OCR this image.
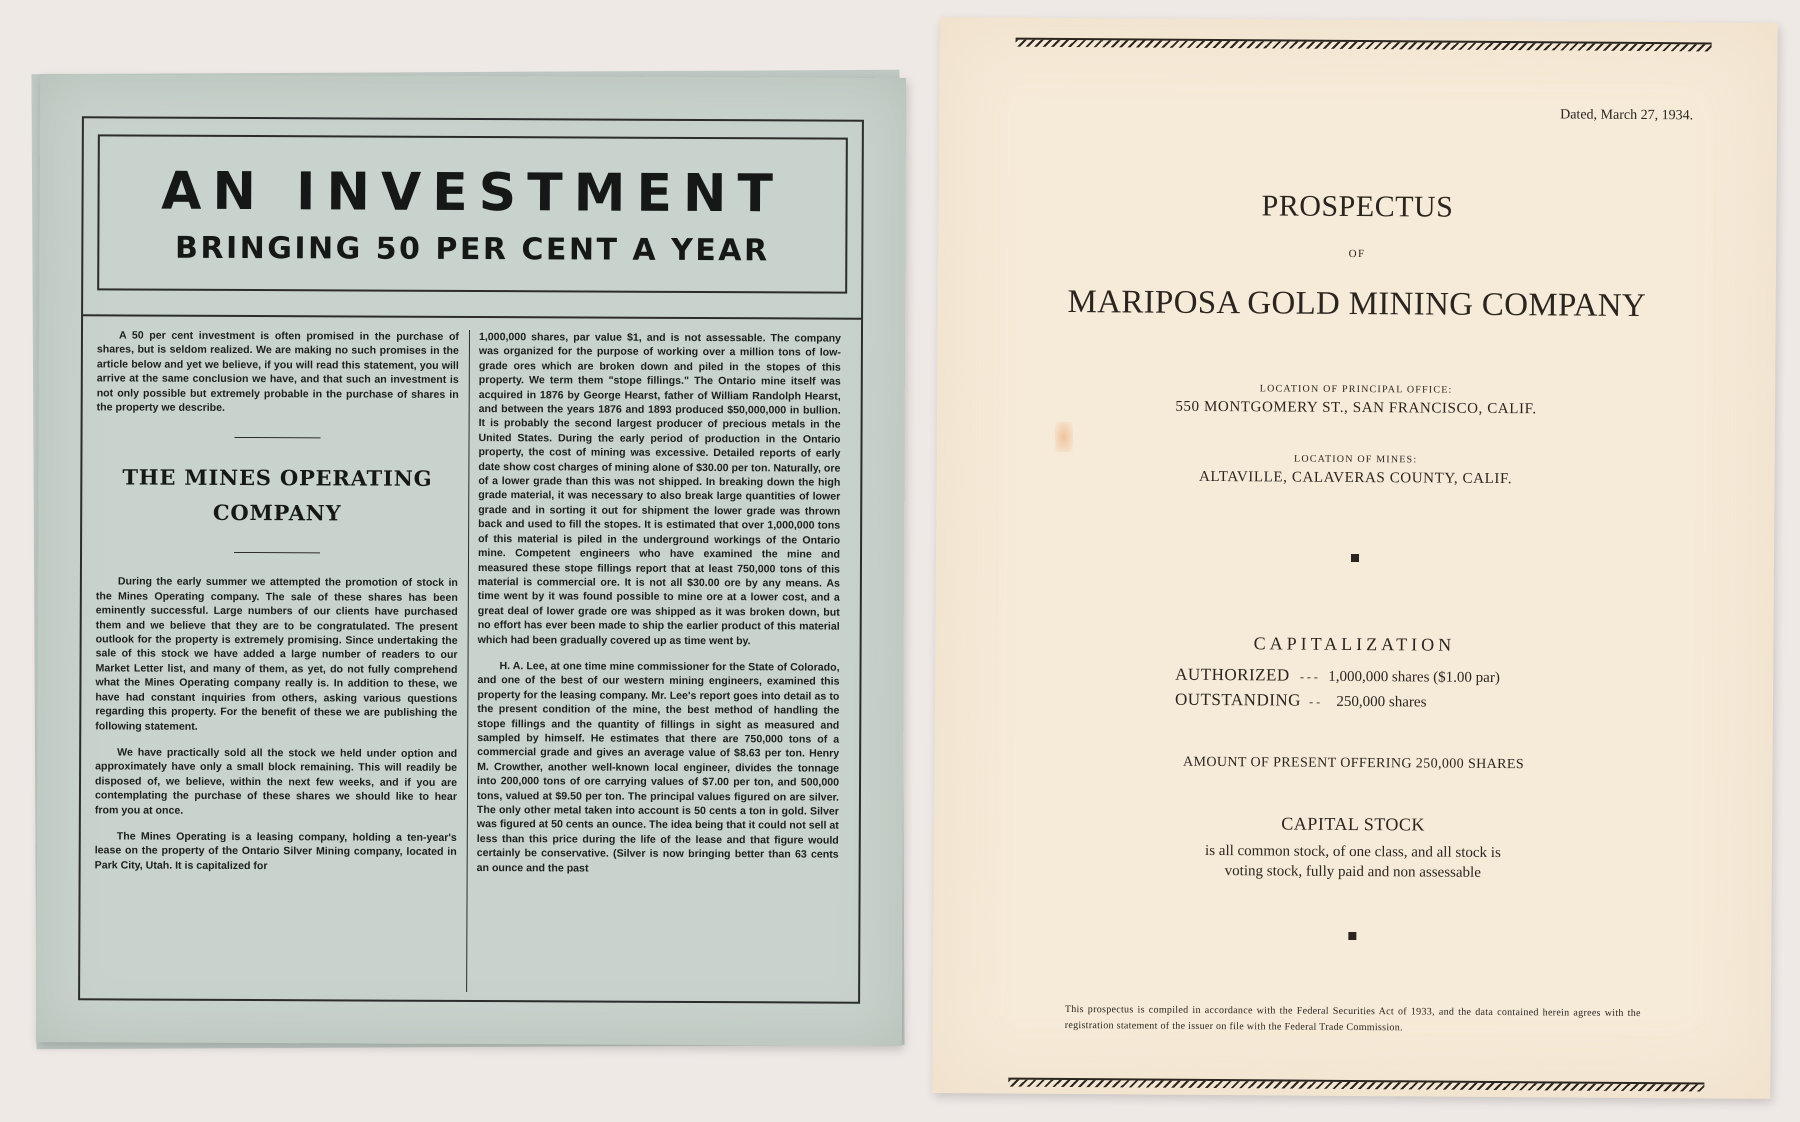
AN INVESTMENT
BRINGING 50 PER CENT A YEAR

A 50 per cent investment is often promised in the purchase of shares, but is seldom realized. We are making no such promises in the article below and yet we believe, if you will read this statement, you will arrive at the same conclusion we have, and that such an investment is not only possible but extremely probable in the purchase of shares in the property we describe.

THE MINES OPERATING
COMPANY

During the early summer we attempted the promotion of stock in the Mines Operating company. The sale of these shares has been eminently successful. Large numbers of our clients have purchased them and we believe that they are to be congratulated. The present outlook for the property is extremely promising. Since undertaking the sale of this stock we have added a large number of readers to our Market Letter list, and many of them, as yet, do not fully comprehend what the Mines Operating company really is. In addition to these, we have had constant inquiries from others, asking various questions regarding this property. For the benefit of these we are publishing the following statement.

We have practically sold all the stock we held under option and approximately have only a small block remaining. This will readily be disposed of, we believe, within the next few weeks, and if you are contemplating the purchase of these shares we should like to hear from you at once.

The Mines Operating is a leasing company, holding a ten-year's lease on the property of the Ontario Silver Mining company, located in Park City, Utah. It is capitalized for

1,000,000 shares, par value $1, and is not assessable. The company was organized for the purpose of working over a million tons of low-grade ores which are broken down and piled in the stopes of this property. We term them "stope fillings." The Ontario mine itself was acquired in 1876 by George Hearst, father of William Randolph Hearst, and between the years 1876 and 1893 produced $50,000,000 in bullion. It is probably the second largest producer of precious metals in the United States. During the early period of production in the Ontario property, the cost of mining was excessive. Detailed reports of early date show cost charges of mining alone of $30.00 per ton. Naturally, ore of a lower grade than this was not shipped. In breaking down the high grade material, it was necessary to also break large quantities of lower grade and in sorting it out for shipment the lower grade was thrown back and used to fill the stopes. It is estimated that over 1,000,000 tons of this material is piled in the underground workings of the Ontario mine. Competent engineers who have examined the mine and measured these stope fillings report that at least 750,000 tons of this material is commercial ore. It is not all $30.00 ore by any means. As time went by it was found possible to mine ore at a lower cost, and a great deal of lower grade ore was shipped as it was broken down, but no effort has ever been made to ship the earlier product of this material which had been gradually covered up as time went by.

H. A. Lee, at one time mine commissioner for the State of Colorado, and one of the best of our western mining engineers, examined this property for the leasing company. Mr. Lee's report goes into detail as to the present condition of the mine, the best method of handling the stope fillings and the quantity of fillings in sight as measured and sampled by himself. He estimates that there are 750,000 tons of a commercial grade and gives an average value of $8.63 per ton. Henry M. Crowther, another well-known local engineer, divides the tonnage into 200,000 tons of ore carrying values of $7.00 per ton, and 500,000 tons, valued at $9.50 per ton. The principal values figured on are silver. The only other metal taken into account is 50 cents a ton in gold. Silver was figured at 50 cents an ounce. The idea being that it could not sell at less than this price during the life of the lease and that figure would certainly be conservative. (Silver is now bringing better than 63 cents an ounce and the past

Dated, March 27, 1934.
PROSPECTUS
OF
MARIPOSA GOLD MINING COMPANY
LOCATION OF PRINCIPAL OFFICE:
550 MONTGOMERY ST., SAN FRANCISCO, CALIF.
LOCATION OF MINES:
ALTAVILLE, CALAVERAS COUNTY, CALIF.
CAPITALIZATION
AUTHORIZED - - - 1,000,000 shares ($1.00 par)
OUTSTANDING - - 250,000 shares
AMOUNT OF PRESENT OFFERING 250,000 SHARES
CAPITAL STOCK
is all common stock, of one class, and all stock is
voting stock, fully paid and non assessable
This prospectus is compiled in accordance with the Federal Securities Act of 1933, and the data contained herein agrees with the registration statement of the issuer on file with the Federal Trade Commission.
